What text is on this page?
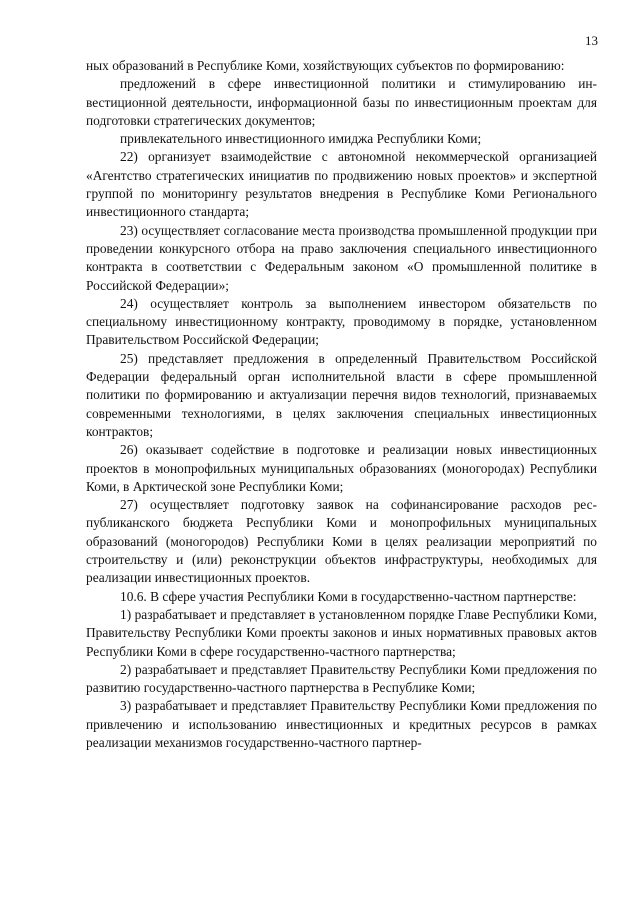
13

ных образований в Республике Коми, хозяйствующих субъектов по формированию:

предложений в сфере инвестиционной политики и стимулированию инвестиционной деятельности, информационной базы по инвестиционным проектам для подготовки стратегических документов;

привлекательного инвестиционного имиджа Республики Коми;

22) организует взаимодействие с автономной некоммерческой организацией «Агентство стратегических инициатив по продвижению новых проектов» и экспертной группой по мониторингу результатов внедрения в Республике Коми Регионального инвестиционного стандарта;

23) осуществляет согласование места производства промышленной продукции при проведении конкурсного отбора на право заключения специального инвестиционного контракта в соответствии с Федеральным законом «О промышленной политике в Российской Федерации»;

24) осуществляет контроль за выполнением инвестором обязательств по специальному инвестиционному контракту, проводимому в порядке, установленном Правительством Российской Федерации;

25) представляет предложения в определенный Правительством Российской Федерации федеральный орган исполнительной власти в сфере промышленной политики по формированию и актуализации перечня видов технологий, признаваемых современными технологиями, в целях заключения специальных инвестиционных контрактов;

26) оказывает содействие в подготовке и реализации новых инвестиционных проектов в монопрофильных муниципальных образованиях (моногородах) Республики Коми, в Арктической зоне Республики Коми;

27) осуществляет подготовку заявок на софинансирование расходов республиканского бюджета Республики Коми и монопрофильных муниципальных образований (моногородов) Республики Коми в целях реализации мероприятий по строительству и (или) реконструкции объектов инфраструктуры, необходимых для реализации инвестиционных проектов.

10.6. В сфере участия Республики Коми в государственно-частном партнерстве:

1) разрабатывает и представляет в установленном порядке Главе Республики Коми, Правительству Республики Коми проекты законов и иных нормативных правовых актов Республики Коми в сфере государственно-частного партнерства;

2) разрабатывает и представляет Правительству Республики Коми предложения по развитию государственно-частного партнерства в Республике Коми;

3) разрабатывает и представляет Правительству Республики Коми предложения по привлечению и использованию инвестиционных и кредитных ресурсов в рамках реализации механизмов государственно-частного партнер-
